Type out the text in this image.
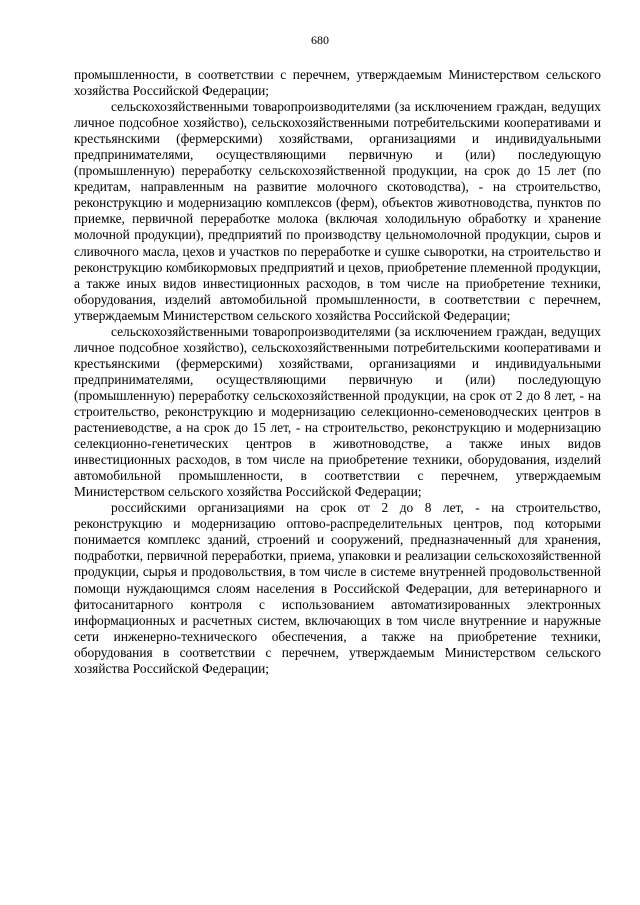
680

промышленности, в соответствии с перечнем, утверждаемым Министерством сельского хозяйства Российской Федерации;

сельскохозяйственными товаропроизводителями (за исключением граждан, ведущих личное подсобное хозяйство), сельскохозяйственными потребительскими кооперативами и крестьянскими (фермерскими) хозяйствами, организациями и индивидуальными предпринимателями, осуществляющими первичную и (или) последующую (промышленную) переработку сельскохозяйственной продукции, на срок до 15 лет (по кредитам, направленным на развитие молочного скотоводства), - на строительство, реконструкцию и модернизацию комплексов (ферм), объектов животноводства, пунктов по приемке, первичной переработке молока (включая холодильную обработку и хранение молочной продукции), предприятий по производству цельномолочной продукции, сыров и сливочного масла, цехов и участков по переработке и сушке сыворотки, на строительство и реконструкцию комбикормовых предприятий и цехов, приобретение племенной продукции, а также иных видов инвестиционных расходов, в том числе на приобретение техники, оборудования, изделий автомобильной промышленности, в соответствии с перечнем, утверждаемым Министерством сельского хозяйства Российской Федерации;

сельскохозяйственными товаропроизводителями (за исключением граждан, ведущих личное подсобное хозяйство), сельскохозяйственными потребительскими кооперативами и крестьянскими (фермерскими) хозяйствами, организациями и индивидуальными предпринимателями, осуществляющими первичную и (или) последующую (промышленную) переработку сельскохозяйственной продукции, на срок от 2 до 8 лет, - на строительство, реконструкцию и модернизацию селекционно-семеноводческих центров в растениеводстве, а на срок до 15 лет, - на строительство, реконструкцию и модернизацию селекционно-генетических центров в животноводстве, а также иных видов инвестиционных расходов, в том числе на приобретение техники, оборудования, изделий автомобильной промышленности, в соответствии с перечнем, утверждаемым Министерством сельского хозяйства Российской Федерации;

российскими организациями на срок от 2 до 8 лет, - на строительство, реконструкцию и модернизацию оптово-распределительных центров, под которыми понимается комплекс зданий, строений и сооружений, предназначенный для хранения, подработки, первичной переработки, приема, упаковки и реализации сельскохозяйственной продукции, сырья и продовольствия, в том числе в системе внутренней продовольственной помощи нуждающимся слоям населения в Российской Федерации, для ветеринарного и фитосанитарного контроля с использованием автоматизированных электронных информационных и расчетных систем, включающих в том числе внутренние и наружные сети инженерно-технического обеспечения, а также на приобретение техники, оборудования в соответствии с перечнем, утверждаемым Министерством сельского хозяйства Российской Федерации;
